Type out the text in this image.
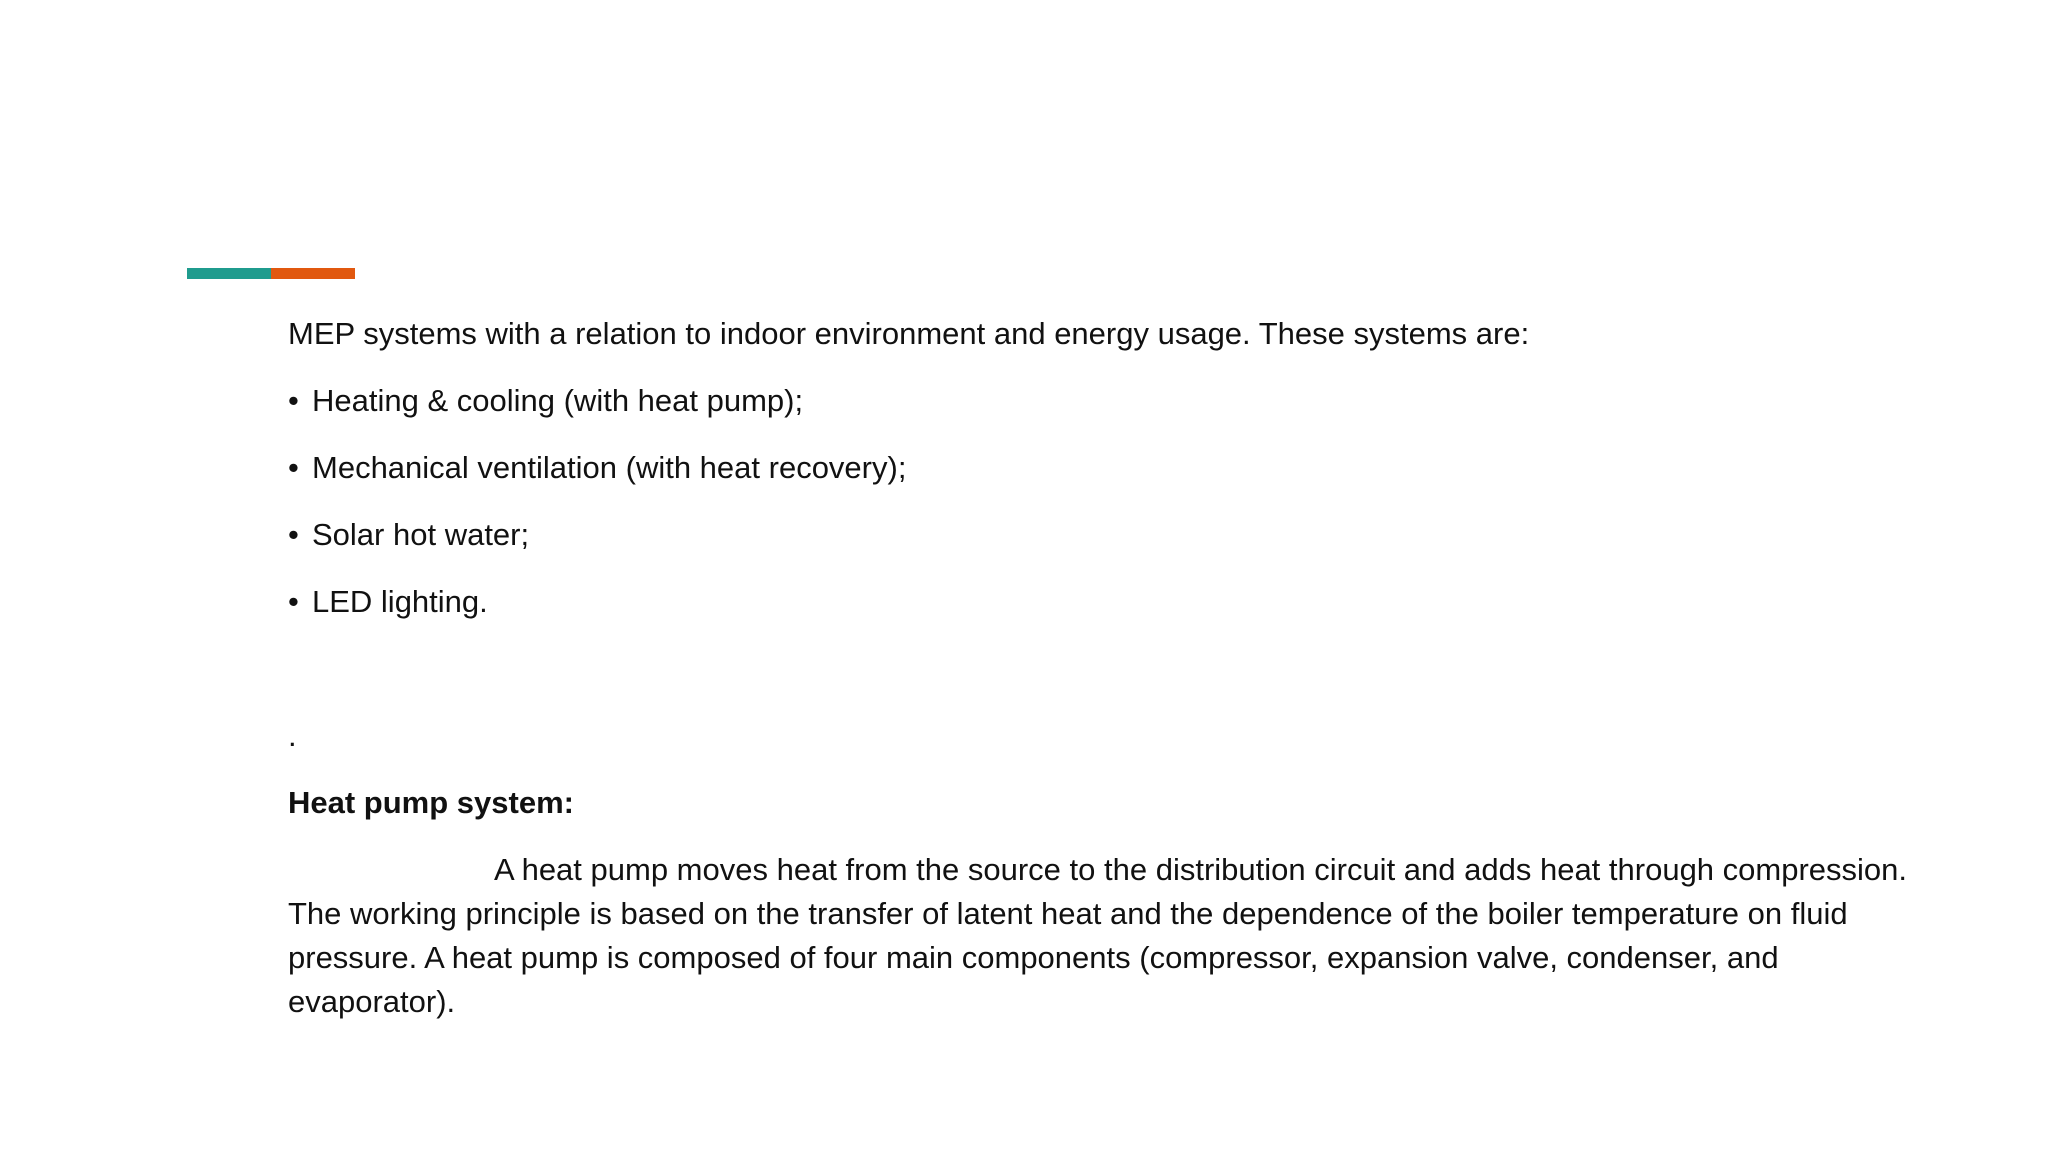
MEP systems with a relation to indoor environment and energy usage. These systems are:

• Heating & cooling (with heat pump);
• Mechanical ventilation (with heat recovery);
• Solar hot water;
• LED lighting.

.

Heat pump system:

A heat pump moves heat from the source to the distribution circuit and adds heat through compression. The working principle is based on the transfer of latent heat and the dependence of the boiler temperature on fluid pressure. A heat pump is composed of four main components (compressor, expansion valve, condenser, and evaporator).
